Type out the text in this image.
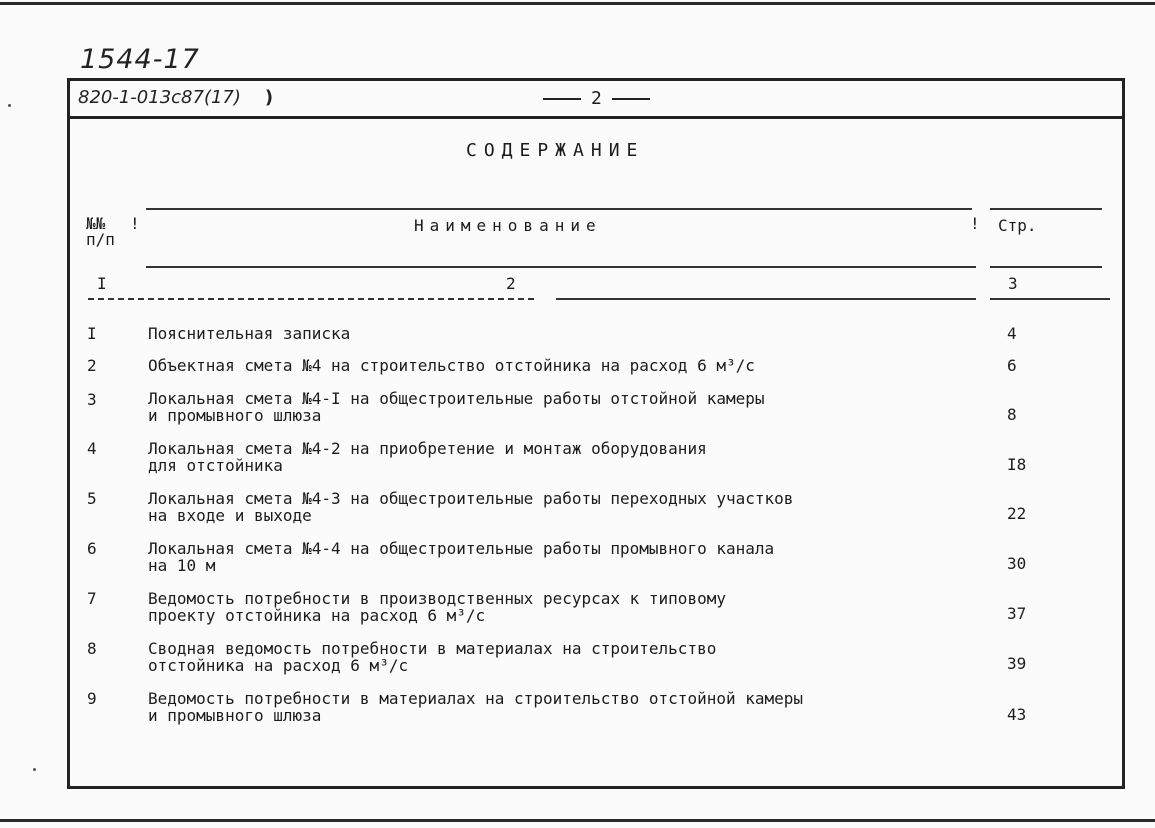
1544-17
820-1-013с87(17) )	2
СОДЕРЖАНИЕ
№№
п/п
!	Наименование	! Стр.
I	2	3
I	Пояснительная записка	4
2	Объектная смета №4 на строительство отстойника на расход 6 м³/с	6
3	Локальная смета №4-I на общестроительные работы отстойной камеры
и промывного шлюза	8
4	Локальная смета №4-2 на приобретение и монтаж оборудования
для отстойника	I8
5	Локальная смета №4-3 на общестроительные работы переходных участков
на входе и выходе	22
6	Локальная смета №4-4 на общестроительные работы промывного канала
на 10 м	30
7	Ведомость потребности в производственных ресурсах к типовому
проекту отстойника на расход 6 м³/с	37
8	Сводная ведомость потребности в материалах на строительство
отстойника на расход 6 м³/с	39
9	Ведомость потребности в материалах на строительство отстойной камеры
и промывного шлюза	43
